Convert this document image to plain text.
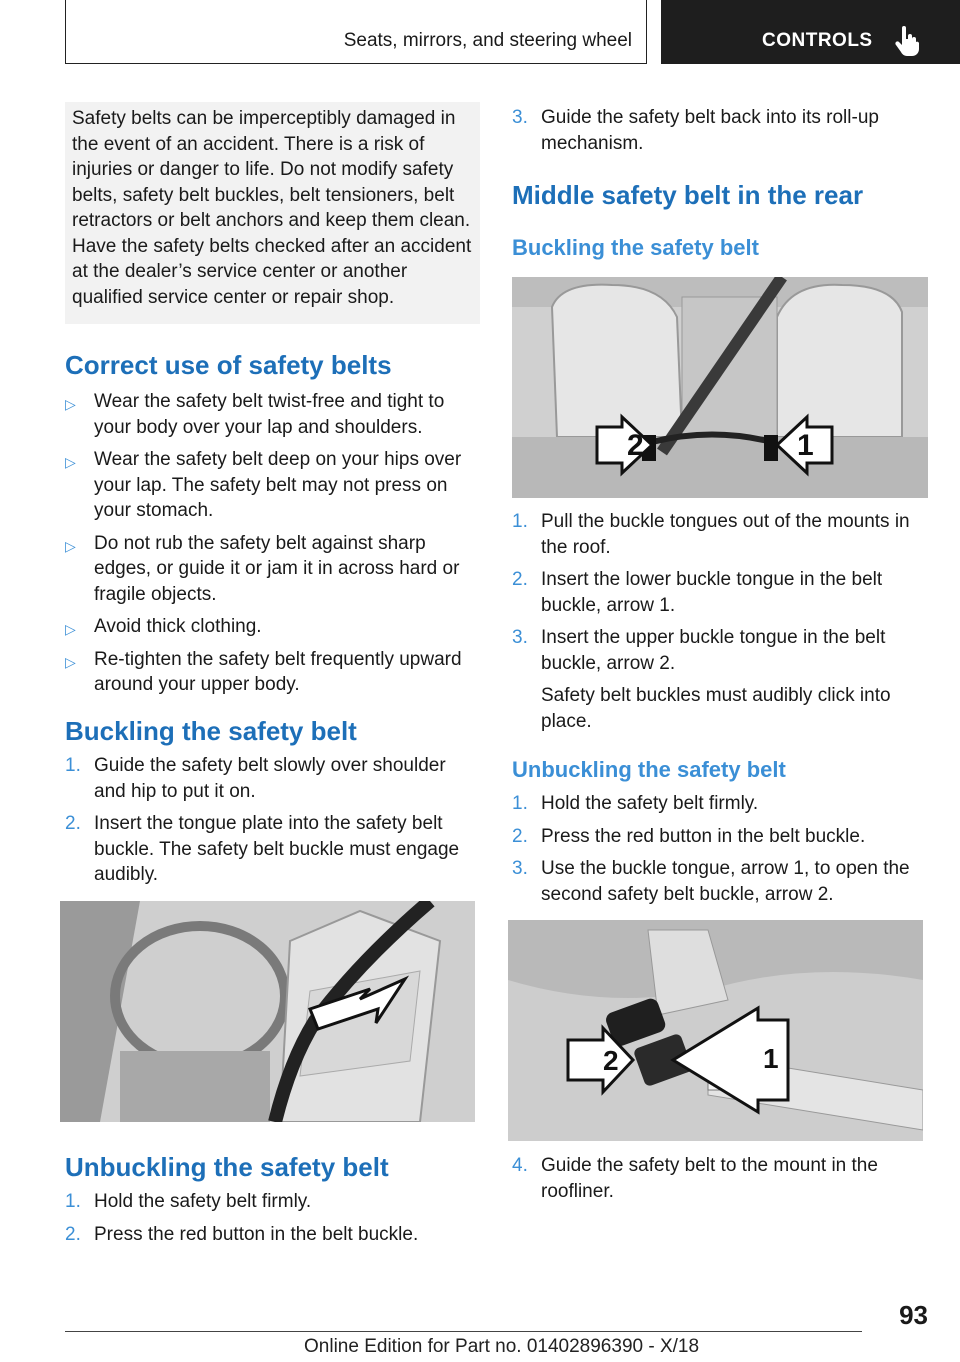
Seats, mirrors, and steering wheel	CONTROLS

Safety belts can be imperceptibly damaged in the event of an accident. There is a risk of injuries or danger to life. Do not modify safety belts, safety belt buckles, belt tensioners, belt retractors or belt anchors and keep them clean. Have the safety belts checked after an accident at the dealer’s service center or another qualified service center or repair shop.

Correct use of safety belts
▷ Wear the safety belt twist-free and tight to your body over your lap and shoulders.
▷ Wear the safety belt deep on your hips over your lap. The safety belt may not press on your stomach.
▷ Do not rub the safety belt against sharp edges, or guide it or jam it in across hard or fragile objects.
▷ Avoid thick clothing.
▷ Re-tighten the safety belt frequently upward around your upper body.
Buckling the safety belt
1. Guide the safety belt slowly over shoulder and hip to put it on.
2. Insert the tongue plate into the safety belt buckle. The safety belt buckle must engage audibly.
Unbuckling the safety belt
1. Hold the safety belt firmly.
2. Press the red button in the belt buckle.
3. Guide the safety belt back into its roll-up mechanism.
Middle safety belt in the rear
Buckling the safety belt
2	1
1. Pull the buckle tongues out of the mounts in the roof.
2. Insert the lower buckle tongue in the belt buckle, arrow 1.
3. Insert the upper buckle tongue in the belt buckle, arrow 2.
Safety belt buckles must audibly click into place.
Unbuckling the safety belt
1. Hold the safety belt firmly.
2. Press the red button in the belt buckle.
3. Use the buckle tongue, arrow 1, to open the second safety belt buckle, arrow 2.
2	1
4. Guide the safety belt to the mount in the roofliner.
93
Online Edition for Part no. 01402896390 - X/18
